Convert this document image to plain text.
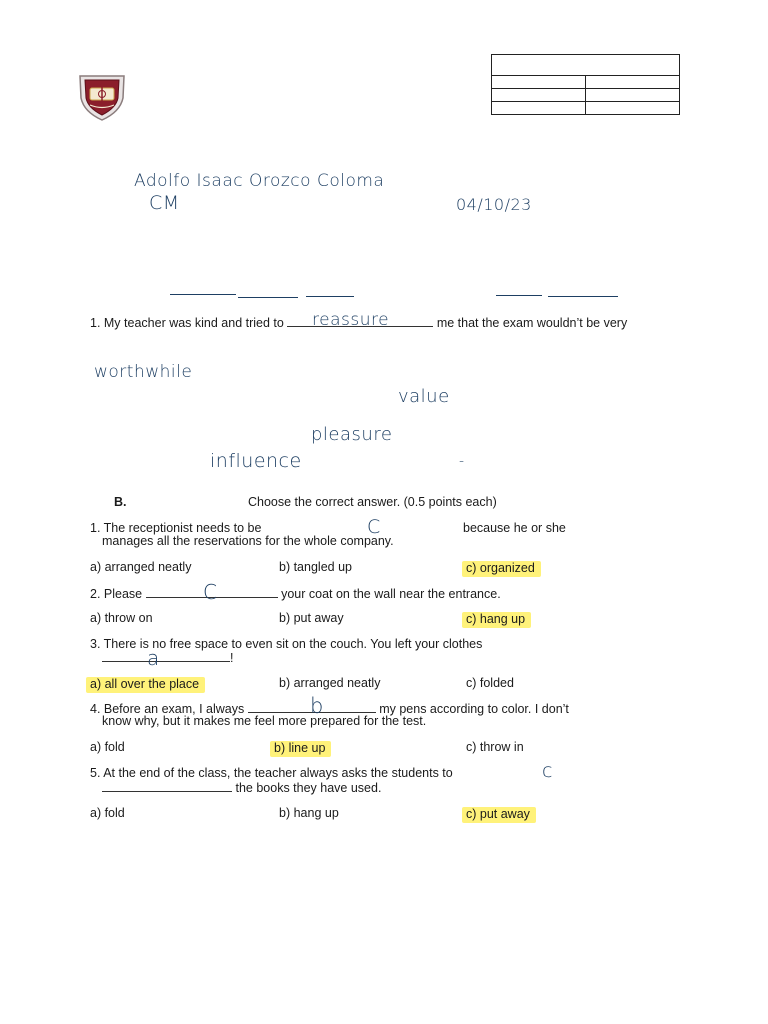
Adolfo Isaac Orozco Coloma
CM	04/10/23
1. My teacher was kind and tried to	me that the exam wouldn’t be very
reassure
worthwhile
value
pleasure
influence	-
B.	Choose the correct answer. (0.5 points each)
1. The receptionist needs to be	because he or she
manages all the reservations for the whole company.
C
a) arranged neatly	b) tangled up	c) organized
2. Please	your coat on the wall near the entrance.
C
a) throw on	b) put away	c) hang up
3. There is no free space to even sit on the couch. You left your clothes
!
a
a) all over the place	b) arranged neatly	c) folded
4. Before an exam, I always	my pens according to color. I don’t
know why, but it makes me feel more prepared for the test.
b
a) fold	b) line up	c) throw in
5. At the end of the class, the teacher always asks the students to
the books they have used.
c
a) fold	b) hang up	c) put away
